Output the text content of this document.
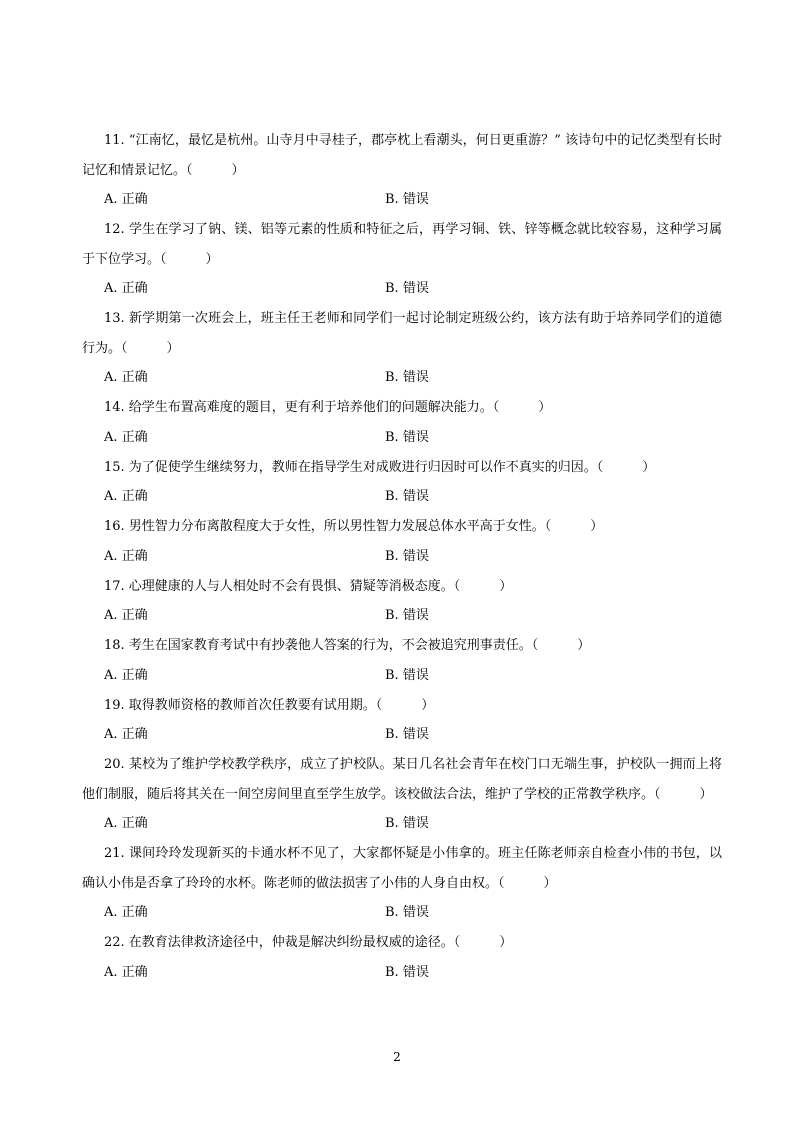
11. “江南忆，最忆是杭州。山寺月中寻桂子，郡亭枕上看潮头，何日更重游？” 该诗句中的记忆类型有长时记忆和情景记忆。（　　　）

A. 正确	B. 错误

12. 学生在学习了钠、镁、铝等元素的性质和特征之后，再学习铜、铁、锌等概念就比较容易，这种学习属于下位学习。（　　　）

A. 正确	B. 错误

13. 新学期第一次班会上，班主任王老师和同学们一起讨论制定班级公约，该方法有助于培养同学们的道德行为。（　　　）

A. 正确	B. 错误

14. 给学生布置高难度的题目，更有利于培养他们的问题解决能力。（　　　）

A. 正确	B. 错误

15. 为了促使学生继续努力，教师在指导学生对成败进行归因时可以作不真实的归因。（　　　）

A. 正确	B. 错误

16. 男性智力分布离散程度大于女性，所以男性智力发展总体水平高于女性。（　　　）

A. 正确	B. 错误

17. 心理健康的人与人相处时不会有畏惧、猜疑等消极态度。（　　　）

A. 正确	B. 错误

18. 考生在国家教育考试中有抄袭他人答案的行为，不会被追究刑事责任。（　　　）

A. 正确	B. 错误

19. 取得教师资格的教师首次任教要有试用期。（　　　）

A. 正确	B. 错误

20. 某校为了维护学校教学秩序，成立了护校队。某日几名社会青年在校门口无端生事，护校队一拥而上将他们制服，随后将其关在一间空房间里直至学生放学。该校做法合法，维护了学校的正常教学秩序。（　　　）

A. 正确	B. 错误

21. 课间玲玲发现新买的卡通水杯不见了，大家都怀疑是小伟拿的。班主任陈老师亲自检查小伟的书包，以确认小伟是否拿了玲玲的水杯。陈老师的做法损害了小伟的人身自由权。（　　　）

A. 正确	B. 错误

22. 在教育法律救济途径中，仲裁是解决纠纷最权威的途径。（　　　）

A. 正确	B. 错误
2
